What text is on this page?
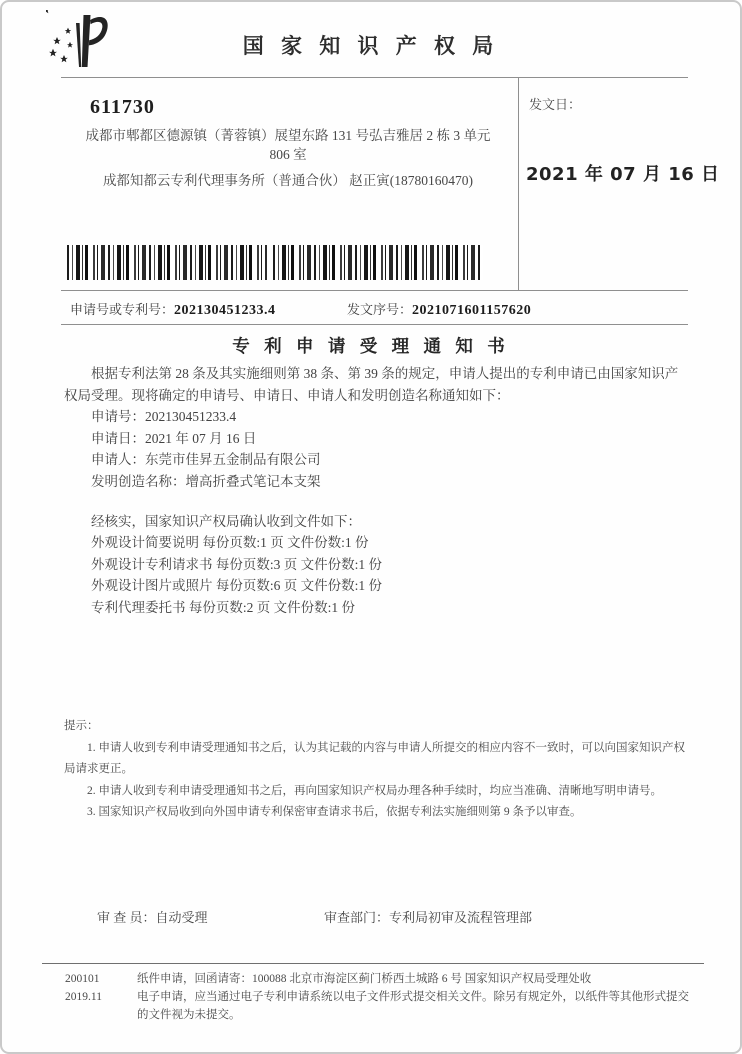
国 家 知 识 产 权 局
611730
成都市郫都区德源镇（菁蓉镇）展望东路 131 号弘吉雅居 2 栋 3 单元
806 室
成都知都云专利代理事务所（普通合伙） 赵正寅(18780160470)
发文日：
2021 年 07 月 16 日
申请号或专利号：202130451233.4	发文序号：2021071601157620
专 利 申 请 受 理 通 知 书

根据专利法第 28 条及其实施细则第 38 条、第 39 条的规定，申请人提出的专利申请已由国家知识产权局受理。现将确定的申请号、申请日、申请人和发明创造名称通知如下：

申请号：202130451233.4

申请日：2021 年 07 月 16 日

申请人：东莞市佳昇五金制品有限公司

发明创造名称：增高折叠式笔记本支架

经核实，国家知识产权局确认收到文件如下：

外观设计简要说明 每份页数:1 页 文件份数:1 份

外观设计专利请求书 每份页数:3 页 文件份数:1 份

外观设计图片或照片 每份页数:6 页 文件份数:1 份

专利代理委托书 每份页数:2 页 文件份数:1 份

提示：

1. 申请人收到专利申请受理通知书之后，认为其记载的内容与申请人所提交的相应内容不一致时，可以向国家知识产权局请求更正。

2. 申请人收到专利申请受理通知书之后，再向国家知识产权局办理各种手续时，均应当准确、清晰地写明申请号。

3. 国家知识产权局收到向外国申请专利保密审查请求书后，依据专利法实施细则第 9 条予以审查。

审 查 员：自动受理	审查部门：专利局初审及流程管理部
200101
2019.11

纸件申请，回函请寄：100088 北京市海淀区蓟门桥西土城路 6 号 国家知识产权局受理处收

电子申请，应当通过电子专利申请系统以电子文件形式提交相关文件。除另有规定外，以纸件等其他形式提交的文件视为未提交。
